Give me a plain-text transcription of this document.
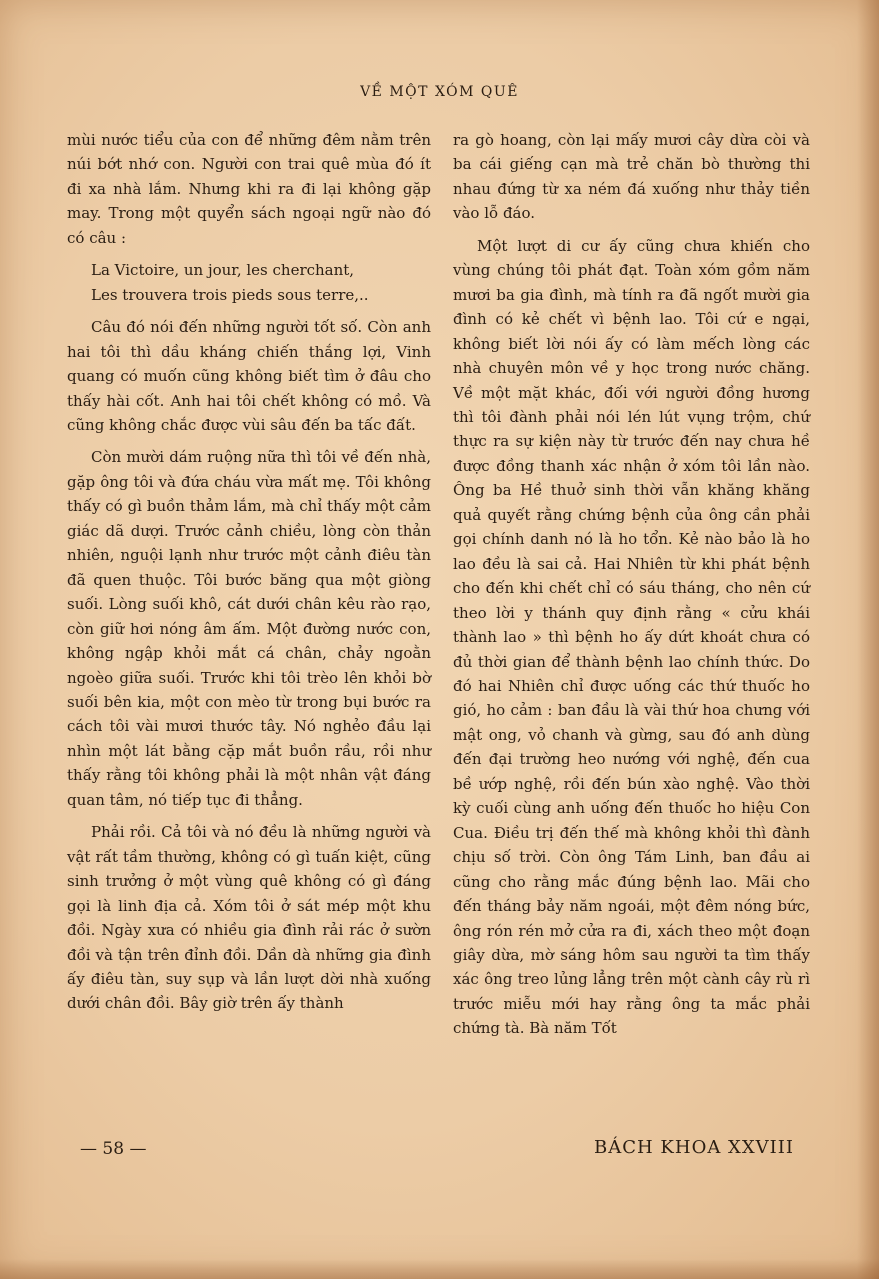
VỀ MỘT XÓM QUÊ

mùi nước tiểu của con để những đêm nằm trên núi bớt nhớ con. Người con trai quê mùa đó ít đi xa nhà lắm. Nhưng khi ra đi lại không gặp may. Trong một quyển sách ngoại ngữ nào đó có câu :

La Victoire, un jour, les cherchant,

Les trouvera trois pieds sous terre,..

Câu đó nói đến những người tốt số. Còn anh hai tôi thì dầu kháng chiến thắng lợi, Vinh quang có muốn cũng không biết tìm ở đâu cho thấy hài cốt. Anh hai tôi chết không có mồ. Và cũng không chắc được vùi sâu đến ba tấc đất.

Còn mười dám ruộng nữa thì tôi về đến nhà, gặp ông tôi và đứa cháu vừa mất mẹ. Tôi không thấy có gì buồn thảm lắm, mà chỉ thấy một cảm giác dã dượi. Trước cảnh chiều, lòng còn thản nhiên, nguội lạnh như trước một cảnh điêu tàn đã quen thuộc. Tôi bước băng qua một giòng suối. Lòng suối khô, cát dưới chân kêu rào rạo, còn giữ hơi nóng âm ấm. Một đường nước con, không ngập khỏi mắt cá chân, chảy ngoằn ngoèo giữa suối. Trước khi tôi trèo lên khỏi bờ suối bên kia, một con mèo từ trong bụi bước ra cách tôi vài mươi thước tây. Nó nghẻo đầu lại nhìn một lát bằng cặp mắt buồn rầu, rồi như thấy rằng tôi không phải là một nhân vật đáng quan tâm, nó tiếp tục đi thẳng.

Phải rồi. Cả tôi và nó đều là những người và vật rất tầm thường, không có gì tuấn kiệt, cũng sinh trưởng ở một vùng quê không có gì đáng gọi là linh địa cả. Xóm tôi ở sát mép một khu đồi. Ngày xưa có nhiều gia đình rải rác ở sườn đồi và tận trên đỉnh đồi. Dần dà những gia đình ấy điêu tàn, suy sụp và lần lượt dời nhà xuống dưới chân đồi. Bây giờ trên ấy thành

ra gò hoang, còn lại mấy mươi cây dừa còi và ba cái giếng cạn mà trẻ chăn bò thường thi nhau đứng từ xa ném đá xuống như thảy tiền vào lỗ đáo.

Một lượt di cư ấy cũng chưa khiến cho vùng chúng tôi phát đạt. Toàn xóm gồm năm mươi ba gia đình, mà tính ra đã ngốt mười gia đình có kẻ chết vì bệnh lao. Tôi cứ e ngại, không biết lời nói ấy có làm mếch lòng các nhà chuyên môn về y học trong nước chăng. Về một mặt khác, đối với người đồng hương thì tôi đành phải nói lén lút vụng trộm, chứ thực ra sự kiện này từ trước đến nay chưa hề được đồng thanh xác nhận ở xóm tôi lần nào. Ông ba Hề thuở sinh thời vẫn khăng khăng quả quyết rằng chứng bệnh của ông cần phải gọi chính danh nó là ho tổn. Kẻ nào bảo là ho lao đều là sai cả. Hai Nhiên từ khi phát bệnh cho đến khi chết chỉ có sáu tháng, cho nên cứ theo lời y thánh quy định rằng « cửu khái thành lao » thì bệnh ho ấy dứt khoát chưa có đủ thời gian để thành bệnh lao chính thức. Do đó hai Nhiên chỉ được uống các thứ thuốc ho gió, ho cảm : ban đầu là vài thứ hoa chưng với mật ong, vỏ chanh và gừng, sau đó anh dùng đến đại trường heo nướng với nghệ, đến cua bề ướp nghệ, rồi đến bún xào nghệ. Vào thời kỳ cuối cùng anh uống đến thuốc ho hiệu Con Cua. Điều trị đến thế mà không khỏi thì đành chịu số trời. Còn ông Tám Linh, ban đầu ai cũng cho rằng mắc đúng bệnh lao. Mãi cho đến tháng bảy năm ngoái, một đêm nóng bức, ông rón rén mở cửa ra đi, xách theo một đoạn giây dừa, mờ sáng hôm sau người ta tìm thấy xác ông treo lủng lẳng trên một cành cây rù rì trước miễu mới hay rằng ông ta mắc phải chứng tà. Bà năm Tốt

— 58 —	BÁCH KHOA XXVIII
